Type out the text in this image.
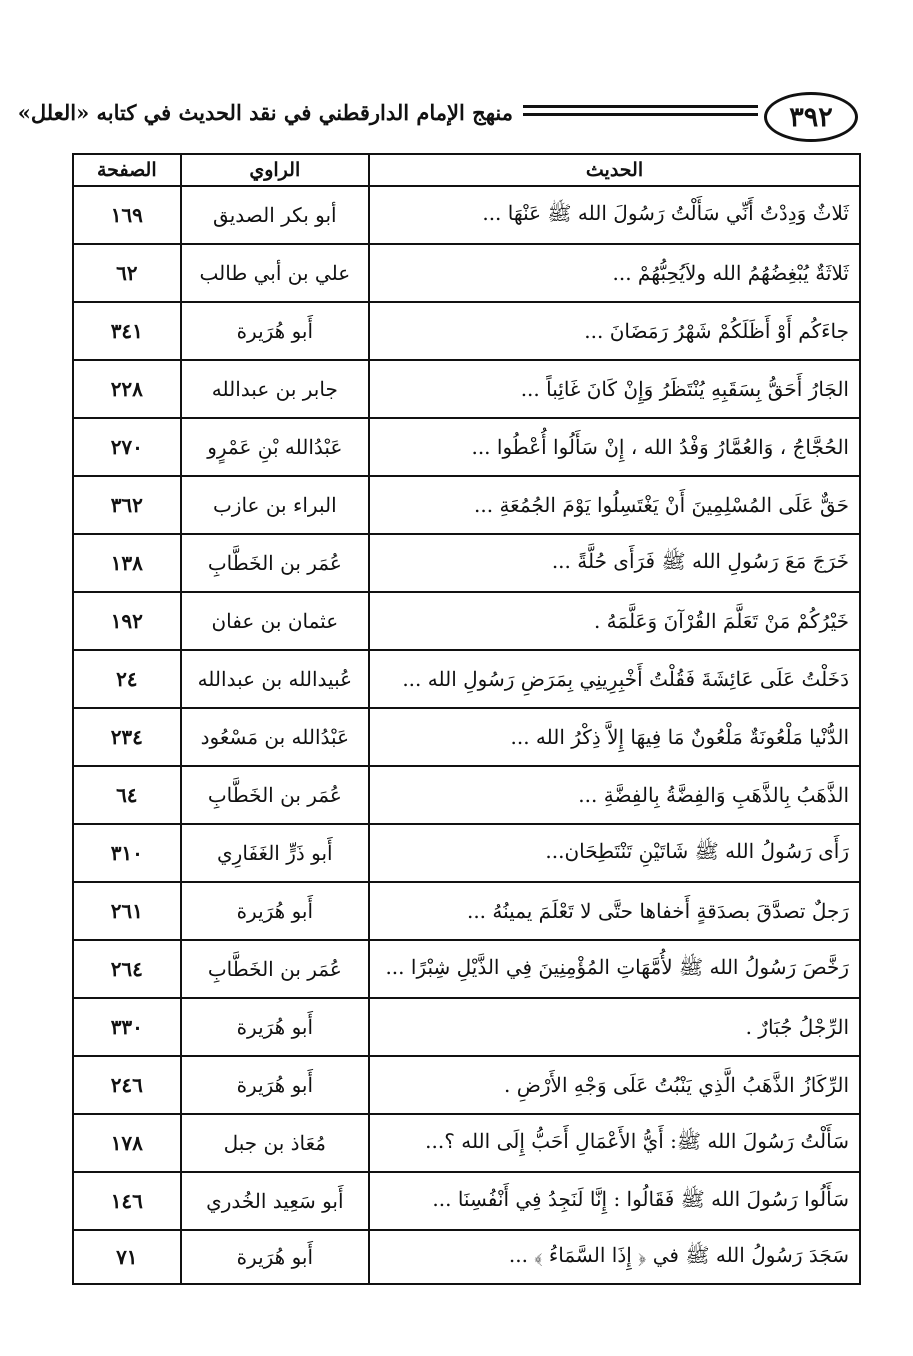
٣٩٢
منهج الإمام الدارقطني في نقد الحديث في كتابه «العلل»
الحديث	الراوي	الصفحة
ثَلاثٌ وَدِدْتُ أَنِّي سَأَلْتُ رَسُولَ الله ﷺ عَنْهَا ...	أبو بكر الصديق	١٦٩
ثَلاثَةٌ يُبْغِضُهُمُ الله ولاَيُحِبُّهُمْ ...	علي بن أبي طالب	٦٢
جاءَكُم أَوْ أَظَلَكُمْ شَهْرُ رَمَضَانَ ...	أَبو هُرَيرة	٣٤١
الجَارُ أَحَقُّ بِسَقَبِهِ يُنْتَظَرُ وَإِنْ كَانَ غَائِباً ...	جابر بن عبدالله	٢٢٨
الحُجَّاجُ ، وَالعُمَّارُ وَفْدُ الله ، إِنْ سَأَلُوا أُعْطُوا ...	عَبْدُالله بْنِ عَمْرٍو	٢٧٠
حَقٌّ عَلَى المُسْلِمِينَ أَنْ يَغْتَسِلُوا يَوْمَ الجُمُعَةِ ...	البراء بن عازب	٣٦٢
خَرَجَ مَعَ رَسُولِ الله ﷺ فَرَأَى حُلَّةً ...	عُمَر بن الخَطَّابِ	١٣٨
خَيْرُكُمْ مَنْ تَعَلَّمَ القُرْآنَ وَعَلَّمَهُ .	عثمان بن عفان	١٩٢
دَخَلْتُ عَلَى عَائِشَةَ فَقُلْتُ أَخْبِرِينِي بِمَرَضِ رَسُولِ الله ...	عُبيدالله بن عبدالله	٢٤
الدُّنْيا مَلْعُونَةٌ مَلْعُونٌ مَا فِيهَا إِلاَّ ذِكْرُ الله ...	عَبْدُالله بن مَسْعُود	٢٣٤
الذَّهَبُ بِالذَّهَبِ وَالفِضَّةُ بِالفِضَّةِ ...	عُمَر بن الخَطَّابِ	٦٤
رَأَى رَسُولُ الله ﷺ شَاتَيْنِ تَنْتَطِحَان...	أَبو ذَرٍّ الغَفَارِي	٣١٠
رَجلٌ تصدَّقَ بصدَقةٍ أَخفاها حتَّى لا تَعْلَمَ يمينُهُ ...	أَبو هُرَيرة	٢٦١
رَخَّصَ رَسُولُ الله ﷺ لأُمَّهَاتِ المُؤْمِنِينَ فِي الذَّيْلِ شِبْرًا ...	عُمَر بن الخَطَّابِ	٢٦٤
الرِّجْلُ جُبَارٌ .	أَبو هُرَيرة	٣٣٠
الرِّكَازُ الذَّهَبُ الَّذِي يَنْبُتُ عَلَى وَجْهِ الأَرْضِ .	أَبو هُرَيرة	٢٤٦
سَأَلْتُ رَسُولَ الله ﷺ: أَيُّ الأَعْمَالِ أَحَبُّ إِلَى الله ؟...	مُعَاذ بن جبل	١٧٨
سَأَلُوا رَسُولَ الله ﷺ فَقَالُوا : إِنَّا لَنَجِدُ فِي أَنْفُسِنَا ...	أَبو سَعِيد الخُدري	١٤٦
سَجَدَ رَسُولُ الله ﷺ في ﴿ إِذَا السَّمَاءُ ﴾ ...	أَبو هُرَيرة	٧١
